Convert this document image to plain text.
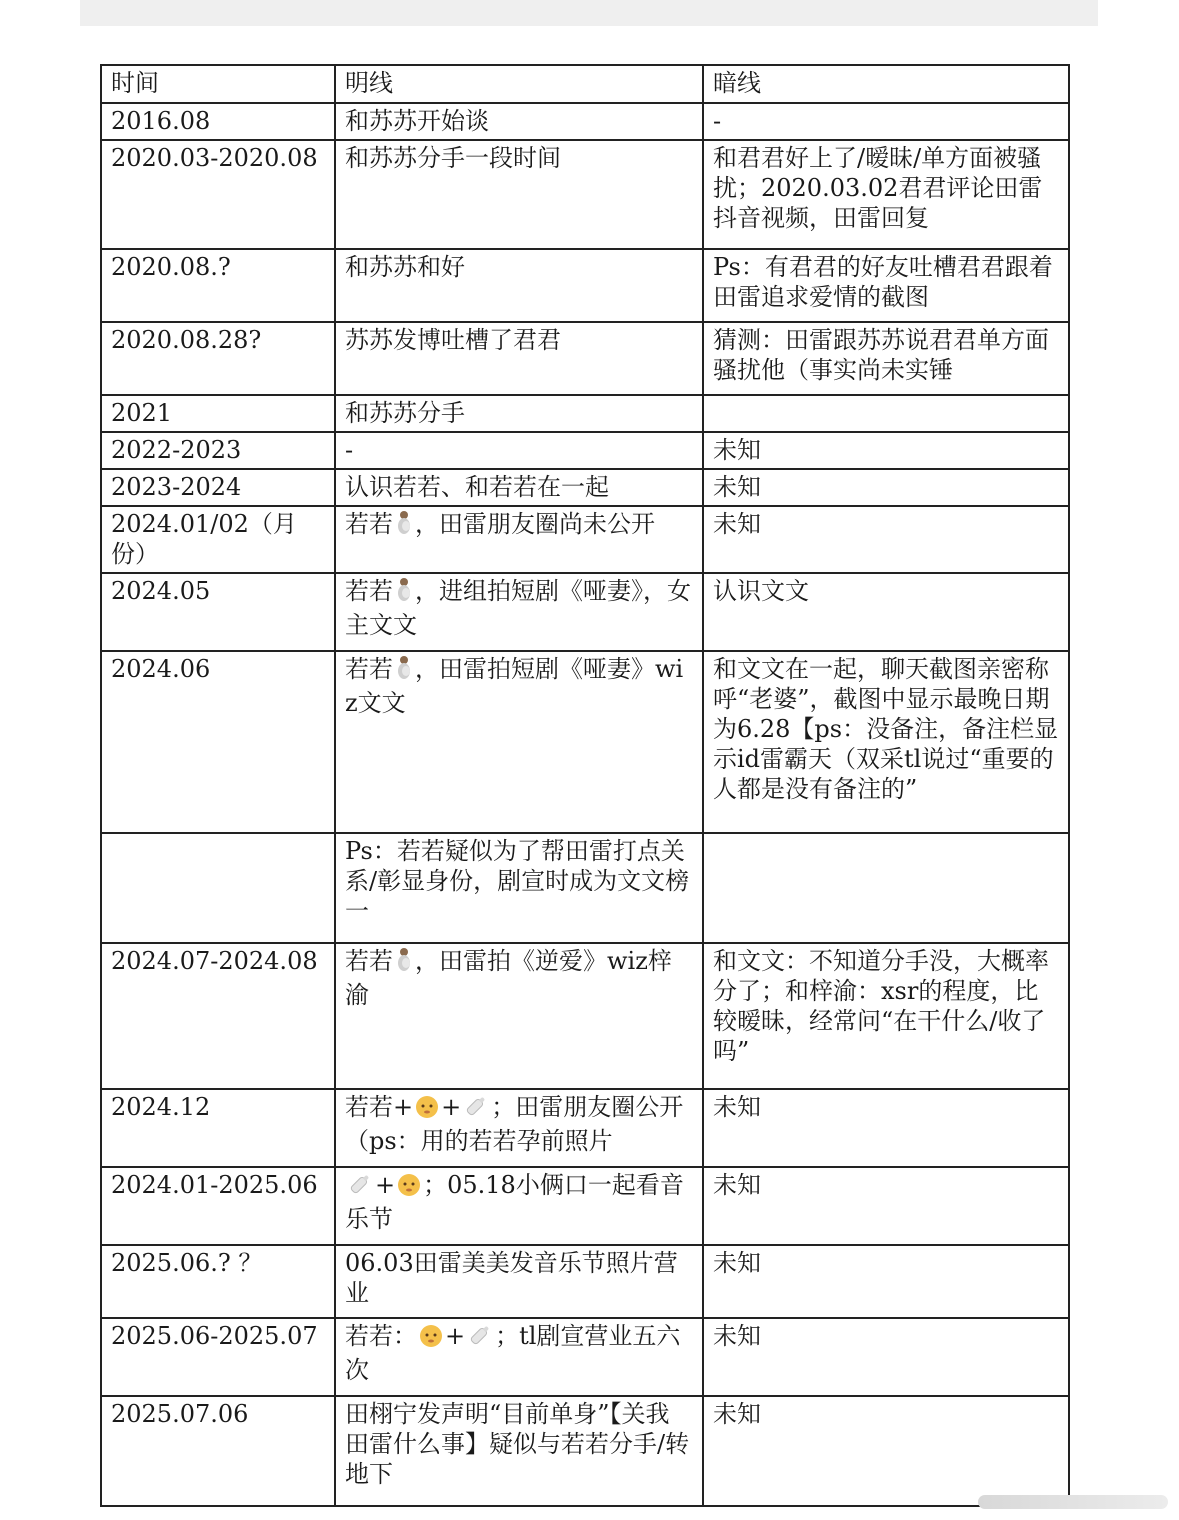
时间	明线	暗线
2016.08	和苏苏开始谈	-
2020.03-2020.08	和苏苏分手一段时间	和君君好上了/暧昧/单方面被骚扰；2020.03.02君君评论田雷抖音视频，田雷回复
2020.08.?	和苏苏和好	Ps：有君君的好友吐槽君君跟着田雷追求爱情的截图
2020.08.28?	苏苏发博吐槽了君君	猜测：田雷跟苏苏说君君单方面骚扰他（事实尚未实锤
2021	和苏苏分手	
2022-2023	-	未知
2023-2024	认识若若、和若若在一起	未知
2024.01/02（月份）	若若 ，田雷朋友圈尚未公开	未知
2024.05	若若 ，进组拍短剧《哑妻》，女主文文	认识文文
2024.06	若若 ，田雷拍短剧《哑妻》wiz文文	和文文在一起，聊天截图亲密称呼“老婆”，截图中显示最晚日期为6.28【ps：没备注，备注栏显示id雷霸天（双采tl说过“重要的人都是没有备注的”
	Ps：若若疑似为了帮田雷打点关系/彰显身份，剧宣时成为文文榜一	
2024.07-2024.08	若若 ，田雷拍《逆爱》wiz梓渝	和文文：不知道分手没，大概率分了；和梓渝：xsr的程度，比较暧昧，经常问“在干什么/收了吗”
2024.12	若若+ + ；田雷朋友圈公开（ps：用的若若孕前照片	未知
2024.01-2025.06	+ ；05.18小俩口一起看音乐节	未知
2025.06.? ？	06.03田雷美美发音乐节照片营业	未知
2025.06-2025.07	若若： + ；tl剧宣营业五六次	未知
2025.07.06	田栩宁发声明“目前单身”【关我田雷什么事】疑似与若若分手/转地下	未知
